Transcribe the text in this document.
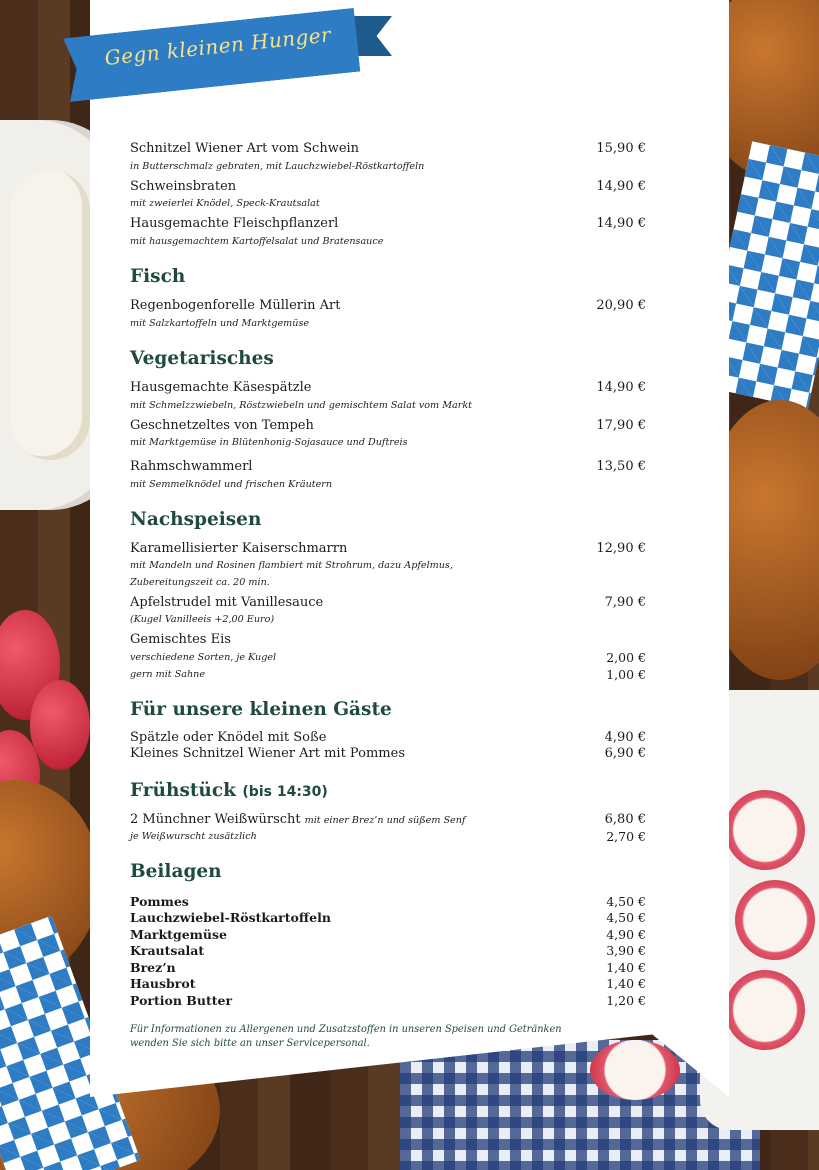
Gegn kleinen Hunger
Schnitzel Wiener Art vom Schwein	15,90 €
in Butterschmalz gebraten, mit Lauchzwiebel-Röstkartoffeln
Schweinsbraten	14,90 €
mit zweierlei Knödel, Speck-Krautsalat
Hausgemachte Fleischpflanzerl	14,90 €
mit hausgemachtem Kartoffelsalat und Bratensauce
Fisch
Regenbogenforelle Müllerin Art	20,90 €
mit Salzkartoffeln und Marktgemüse
Vegetarisches
Hausgemachte Käsespätzle	14,90 €
mit Schmelzzwiebeln, Röstzwiebeln und gemischtem Salat vom Markt
Geschnetzeltes von Tempeh	17,90 €
mit Marktgemüse in Blütenhonig-Sojasauce und Duftreis
Rahmschwammerl	13,50 €
mit Semmelknödel und frischen Kräutern
Nachspeisen
Karamellisierter Kaiserschmarrn	12,90 €
mit Mandeln und Rosinen flambiert mit Strohrum, dazu Apfelmus,
Zubereitungszeit ca. 20 min.
Apfelstrudel mit Vanillesauce	7,90 €
(Kugel Vanilleeis +2,00 Euro)
Gemischtes Eis
verschiedene Sorten, je Kugel	2,00 €
gern mit Sahne	1,00 €
Für unsere kleinen Gäste
Spätzle oder Knödel mit Soße	4,90 €
Kleines Schnitzel Wiener Art mit Pommes	6,90 €
Frühstück (bis 14:30)
2 Münchner Weißwürscht mit einer Brez’n und süßem Senf	6,80 €
je Weißwurscht zusätzlich	2,70 €
Beilagen
Pommes	4,50 €
Lauchzwiebel-Röstkartoffeln	4,50 €
Marktgemüse	4,90 €
Krautsalat	3,90 €
Brez’n	1,40 €
Hausbrot	1,40 €
Portion Butter	1,20 €
Für Informationen zu Allergenen und Zusatzstoffen in unseren Speisen und Getränken
wenden Sie sich bitte an unser Servicepersonal.
